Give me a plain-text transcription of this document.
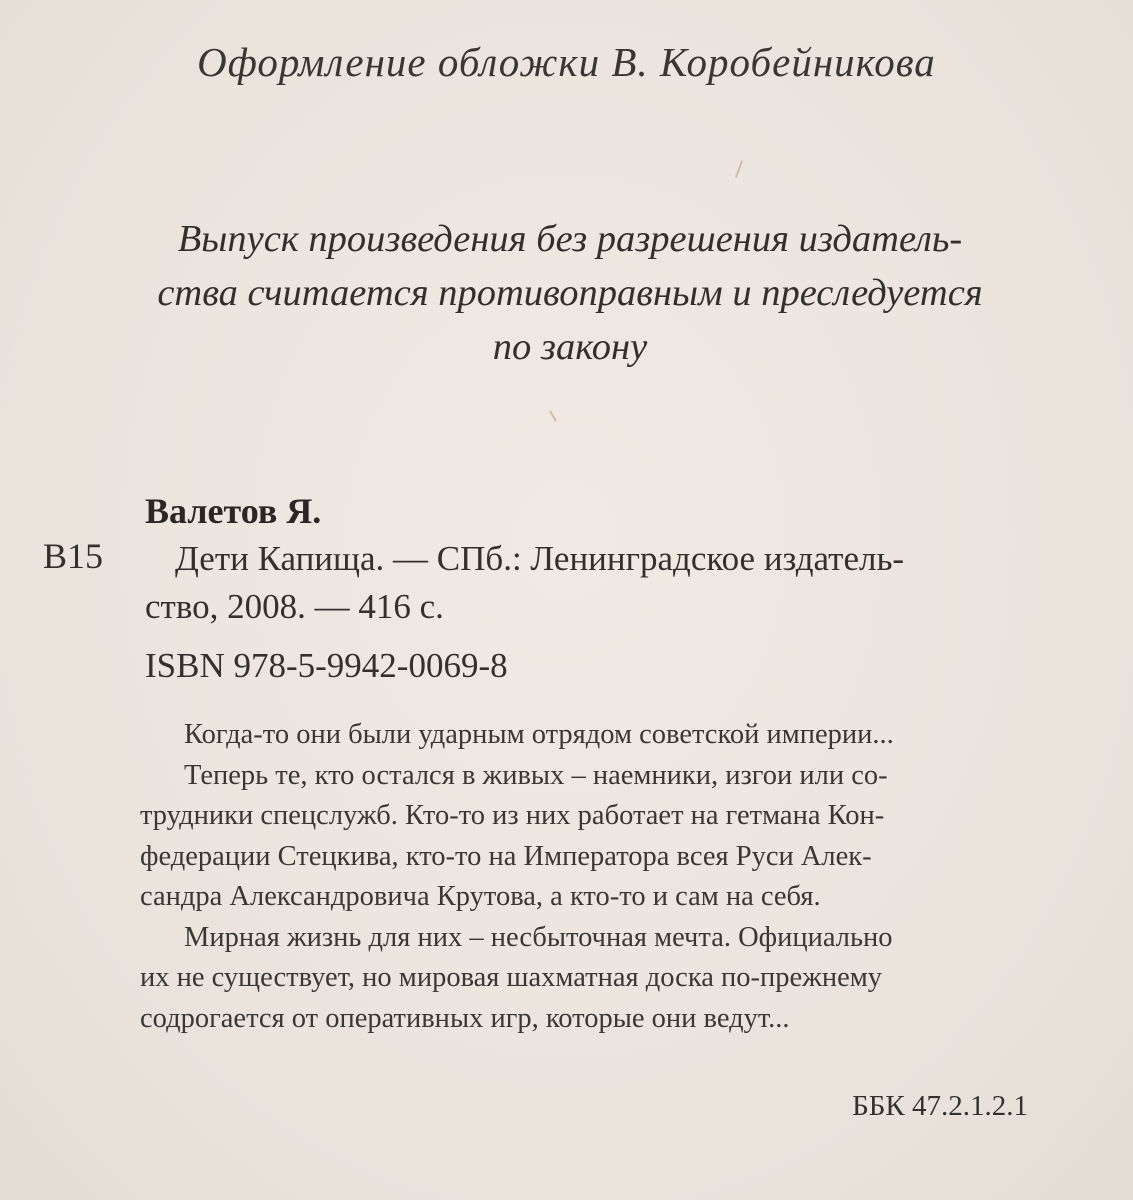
Оформление обложки В. Коробейникова
Выпуск произведения без разрешения издатель-
ства считается противоправным и преследуется
по закону
Валетов Я.
В15 Дети Капища. — СПб.: Ленинградское издатель-
ство, 2008. — 416 с.
ISBN 978-5-9942-0069-8
Когда-то они были ударным отрядом советской империи...
Теперь те, кто остался в живых – наемники, изгои или со-
трудники спецслужб. Кто-то из них работает на гетмана Кон-
федерации Стецкива, кто-то на Императора всея Руси Алек-
сандра Александровича Крутова, а кто-то и сам на себя.
Мирная жизнь для них – несбыточная мечта. Официально
их не существует, но мировая шахматная доска по-прежнему
содрогается от оперативных игр, которые они ведут...
ББК 47.2.1.2.1
